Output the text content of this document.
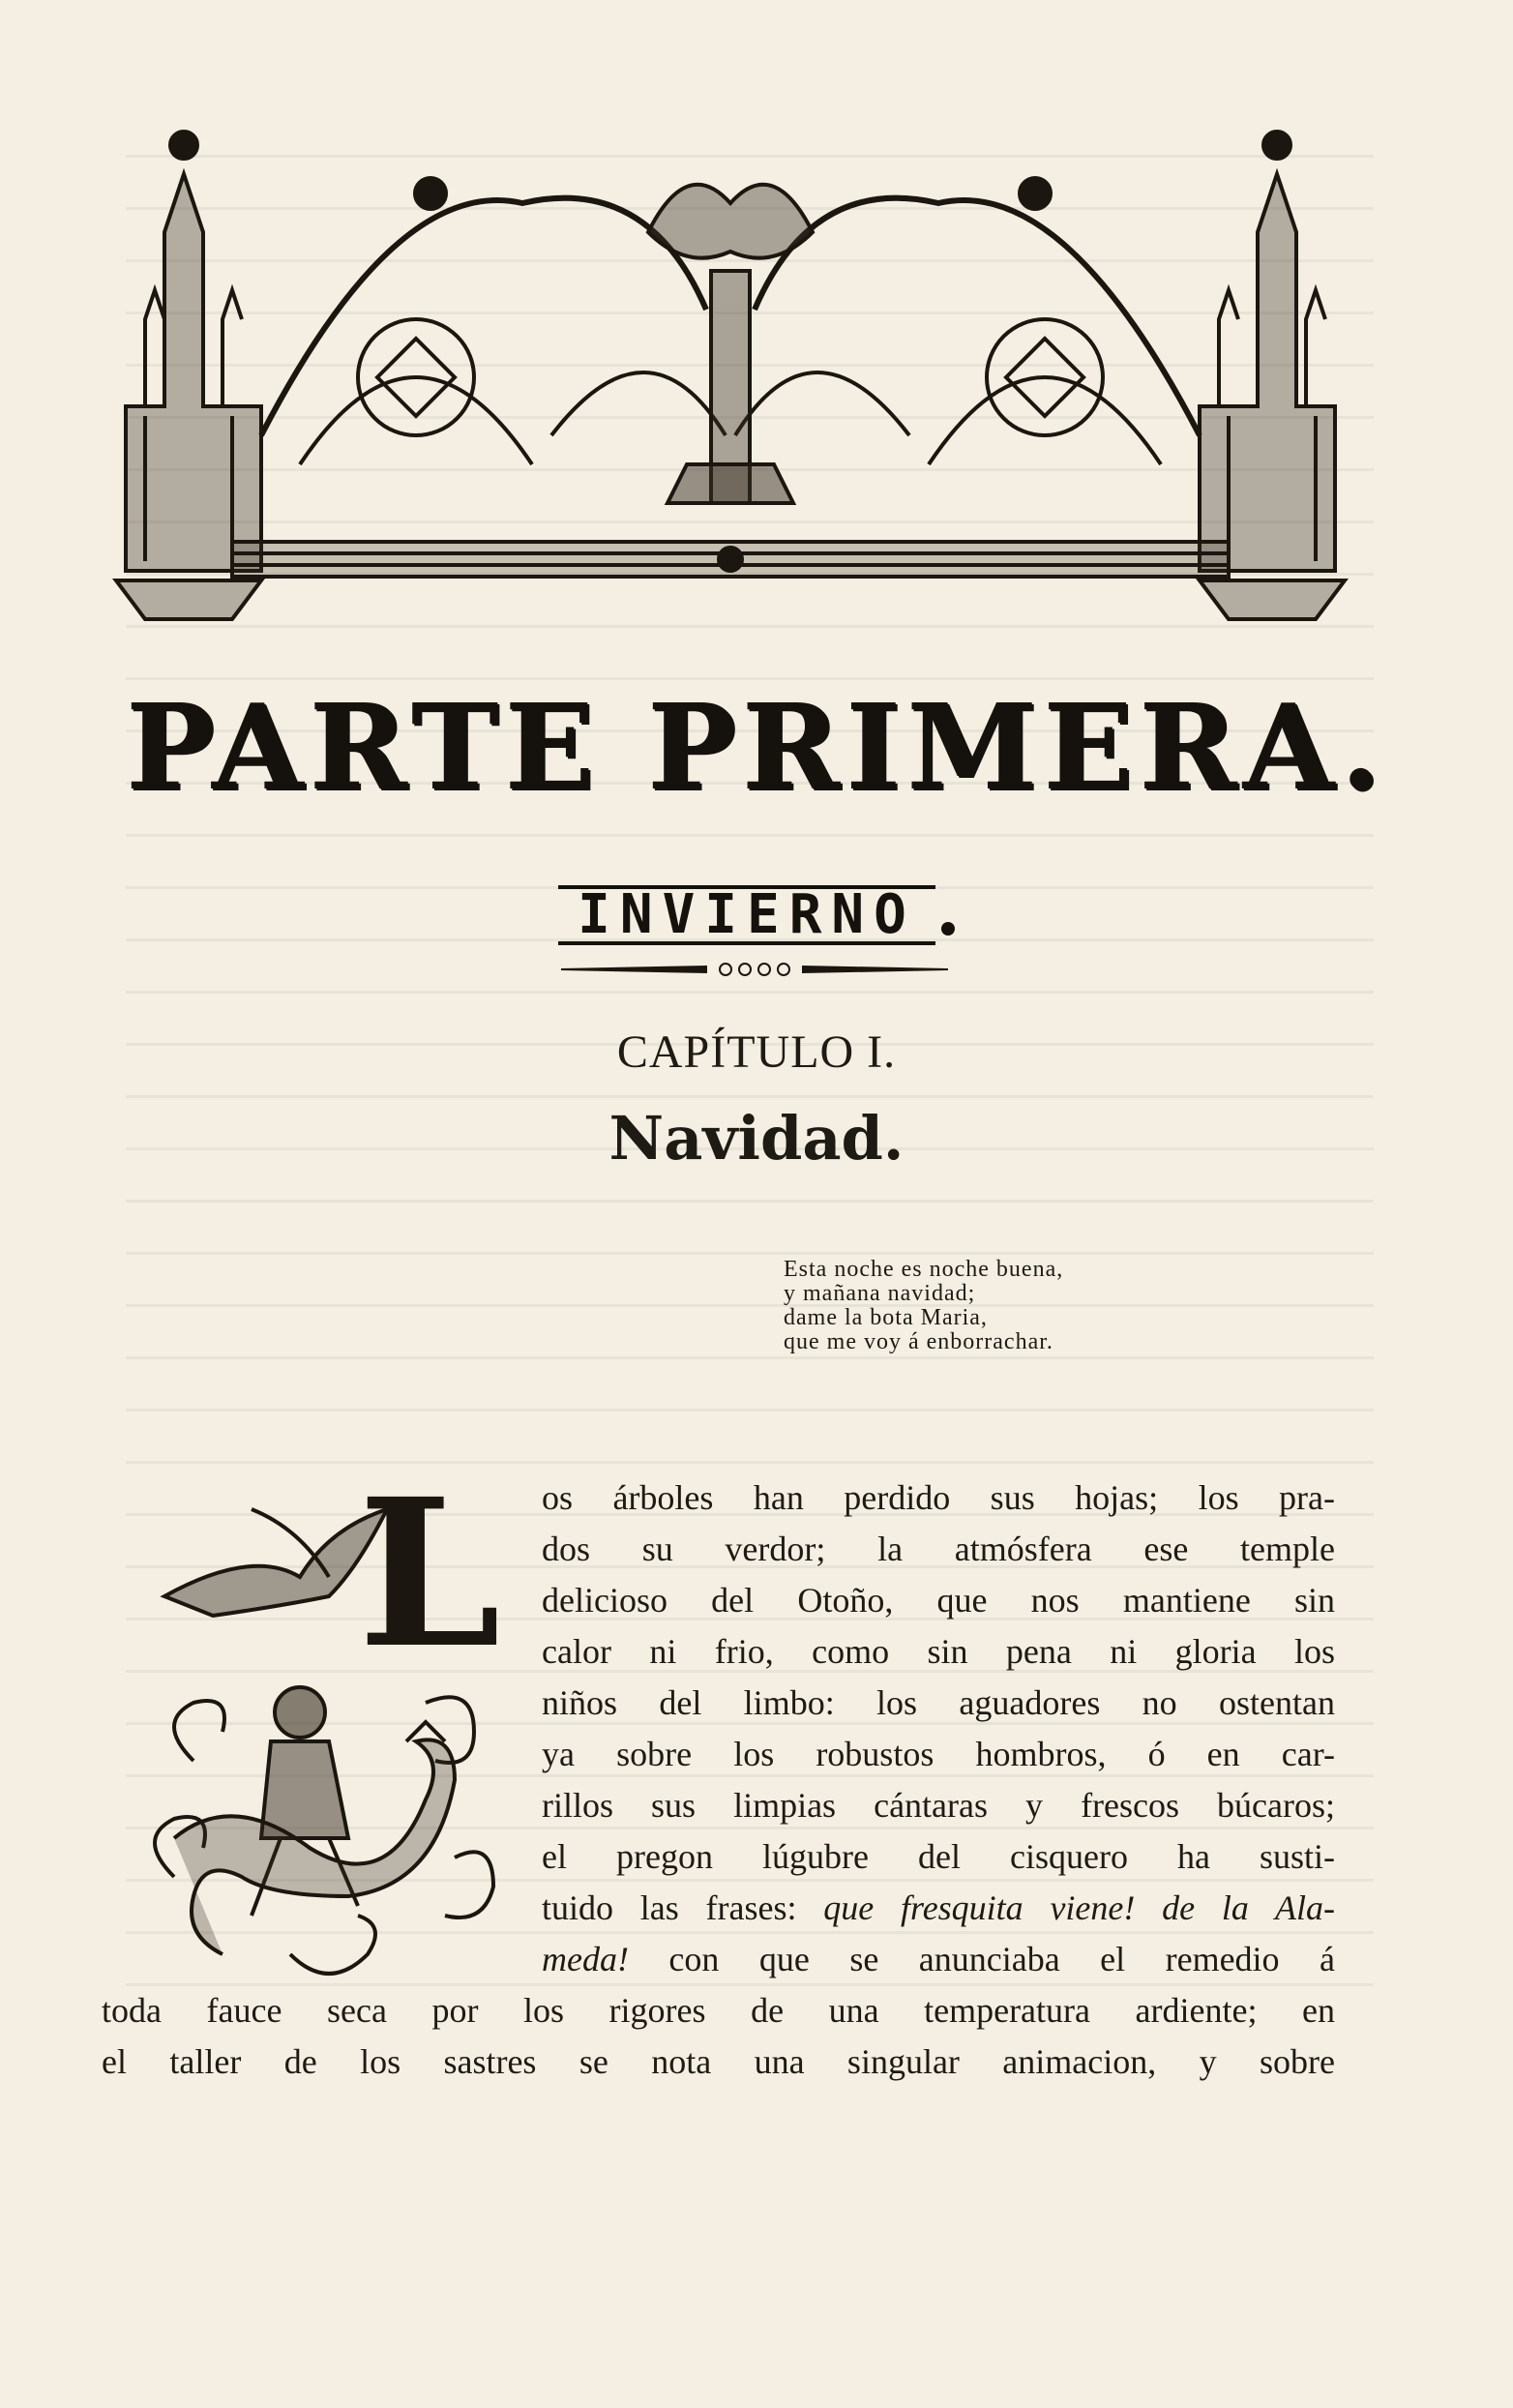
PARTE PRIMERA.
INVIERNO
CAPÍTULO I.
Navidad.
Esta noche es noche buena,
y mañana navidad;
dame la bota Maria,
que me voy á enborrachar.
L os árboles han perdido sus hojas; los pra-
dos su verdor; la atmósfera ese temple
delicioso del Otoño, que nos mantiene sin
calor ni frio, como sin pena ni gloria los
niños del limbo: los aguadores no ostentan
ya sobre los robustos hombros, ó en car-
rillos sus limpias cántaras y frescos búcaros;
el pregon lúgubre del cisquero ha susti-
tuido las frases: que fresquita viene! de la Ala-
meda! con que se anunciaba el remedio á
toda fauce seca por los rigores de una temperatura ardiente; en
el taller de los sastres se nota una singular animacion, y sobre
